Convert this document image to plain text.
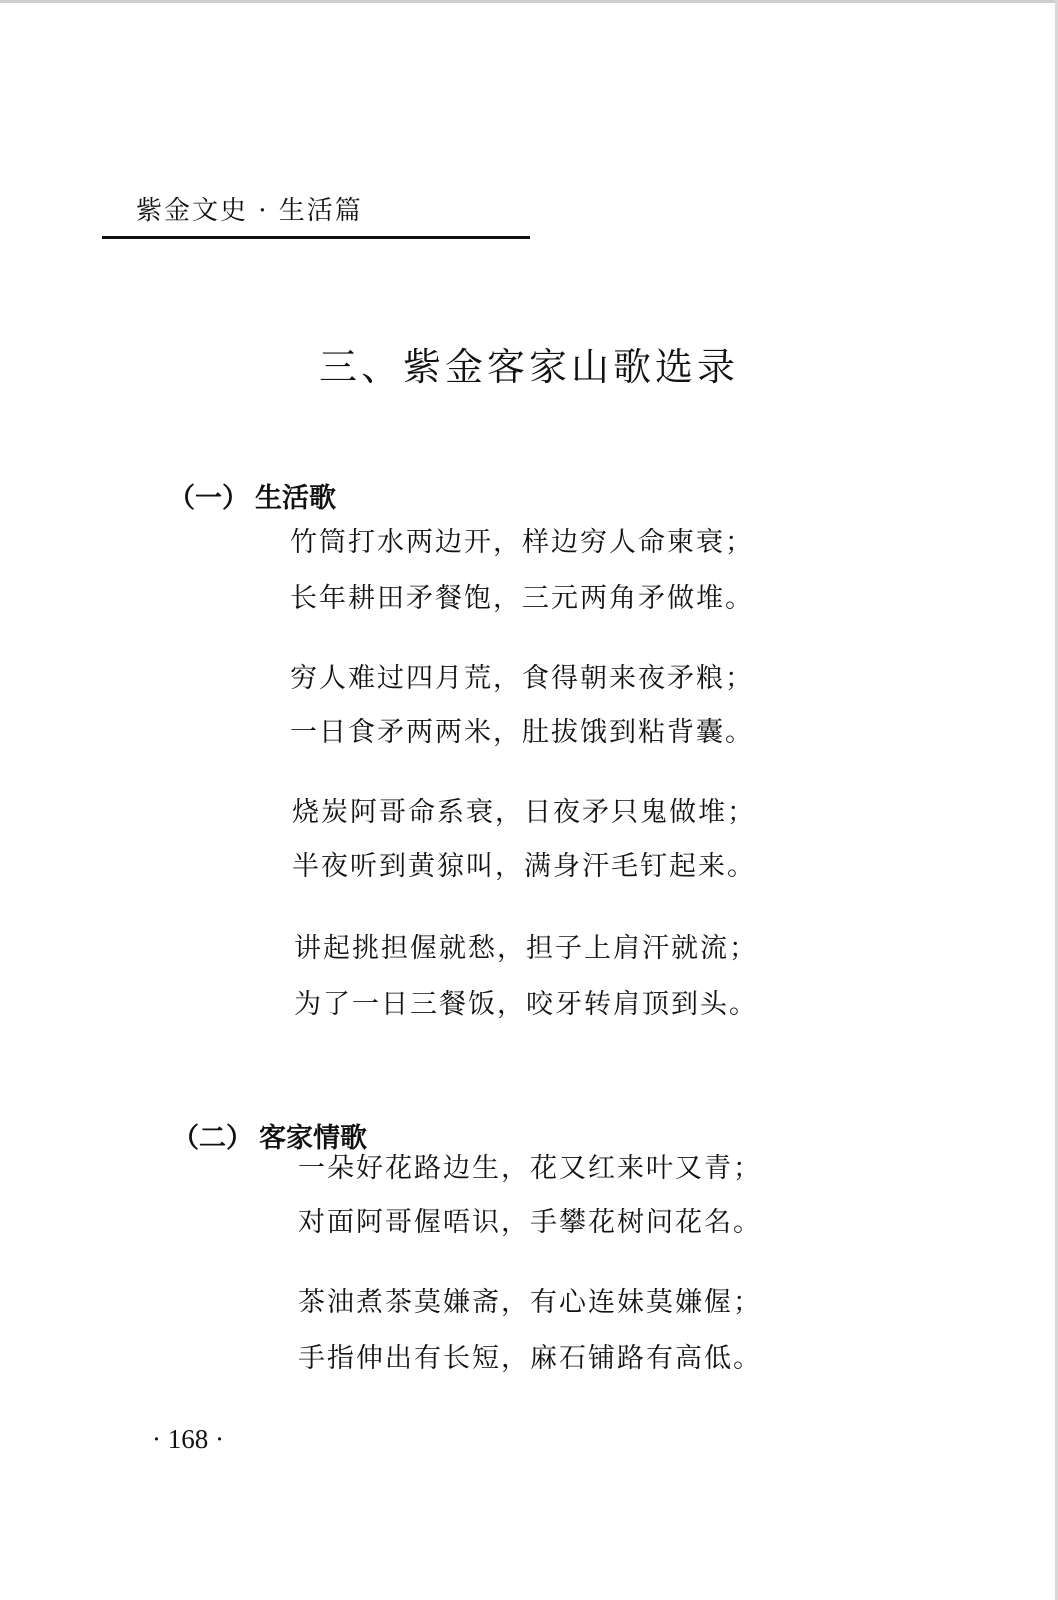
紫金文史 · 生活篇
三、紫金客家山歌选录
（一） 生活歌
竹筒打水两边开，样边穷人命柬衰；
长年耕田矛餐饱，三元两角矛做堆。
穷人难过四月荒，食得朝来夜矛粮；
一日食矛两两米，肚拔饿到粘背囊。
烧炭阿哥命系衰，日夜矛只鬼做堆；
半夜听到黄猄叫，满身汗毛钉起来。
讲起挑担偓就愁，担子上肩汗就流；
为了一日三餐饭，咬牙转肩顶到头。
（二） 客家情歌
一朵好花路边生，花又红来叶又青；
对面阿哥偓唔识，手攀花树问花名。
茶油煮茶莫嫌斋，有心连妹莫嫌偓；
手指伸出有长短，麻石铺路有高低。
· 168 ·
